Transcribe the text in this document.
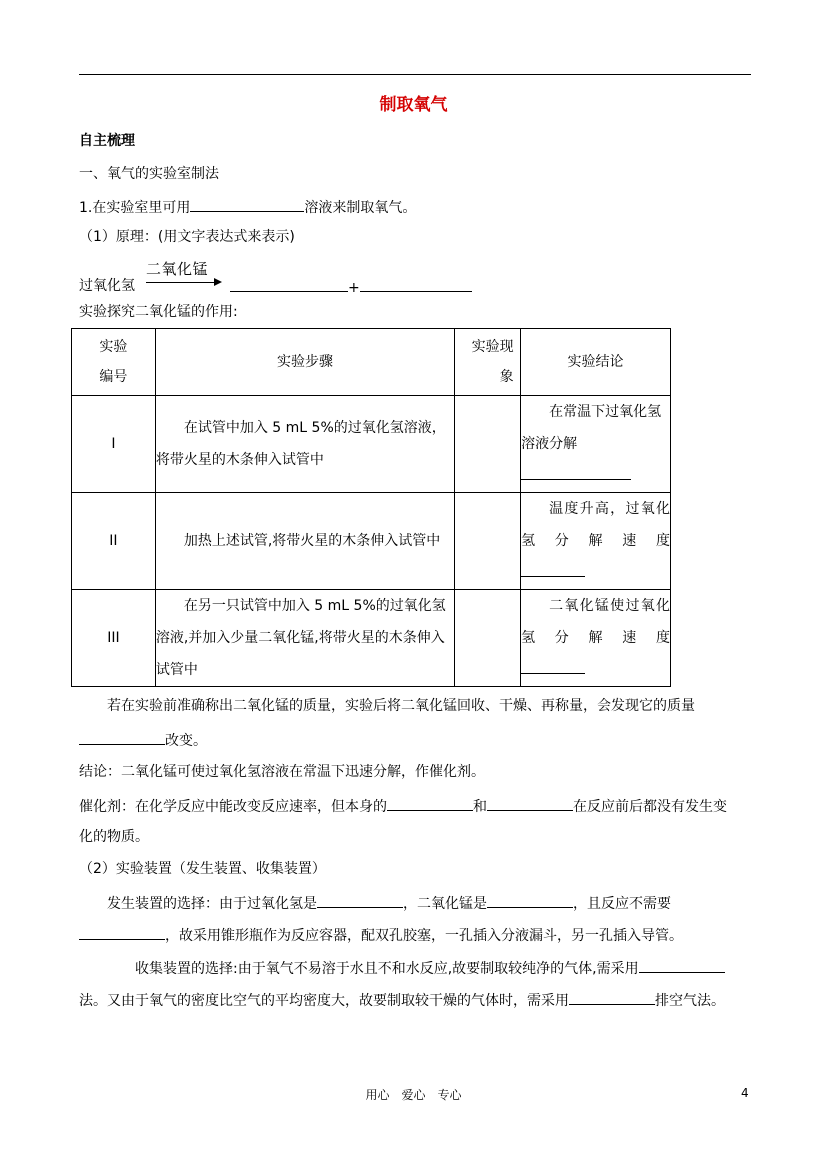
制取氧气
自主梳理
一、氧气的实验室制法
1.在实验室里可用	溶液来制取氧气。
（1）原理：(用文字表达式来表示)
过氧化氢
二氧化锰
+
实验探究二氧化锰的作用:
实验编号	实验步骤	实验现象	实验结论
I	在试管中加入 5 mL 5%的过氧化氢溶液，将带火星的木条伸入试管中		在常温下过氧化氢溶液分解

II	加热上述试管,将带火星的木条伸入试管中		温度升高，过氧化氢分解速度

III	在另一只试管中加入 5 mL 5%的过氧化氢溶液,并加入少量二氧化锰,将带火星的木条伸入试管中		二氧化锰使过氧化氢分解速度
若在实验前准确称出二氧化锰的质量，实验后将二氧化锰回收、干燥、再称量，会发现它的质量
改变。
结论：二氧化锰可使过氧化氢溶液在常温下迅速分解，作催化剂。
催化剂：在化学反应中能改变反应速率，但本身的	和	在反应前后都没有发生变
化的物质。
（2）实验装置（发生装置、收集装置）
发生装置的选择：由于过氧化氢是	，二氧化锰是	，且反应不需要
，故采用锥形瓶作为反应容器，配双孔胶塞，一孔插入分液漏斗，另一孔插入导管。
收集装置的选择:由于氧气不易溶于水且不和水反应,故要制取较纯净的气体,需采用
法。又由于氧气的密度比空气的平均密度大，故要制取较干燥的气体时，需采用	排空气法。
用心　爱心　专心	4
